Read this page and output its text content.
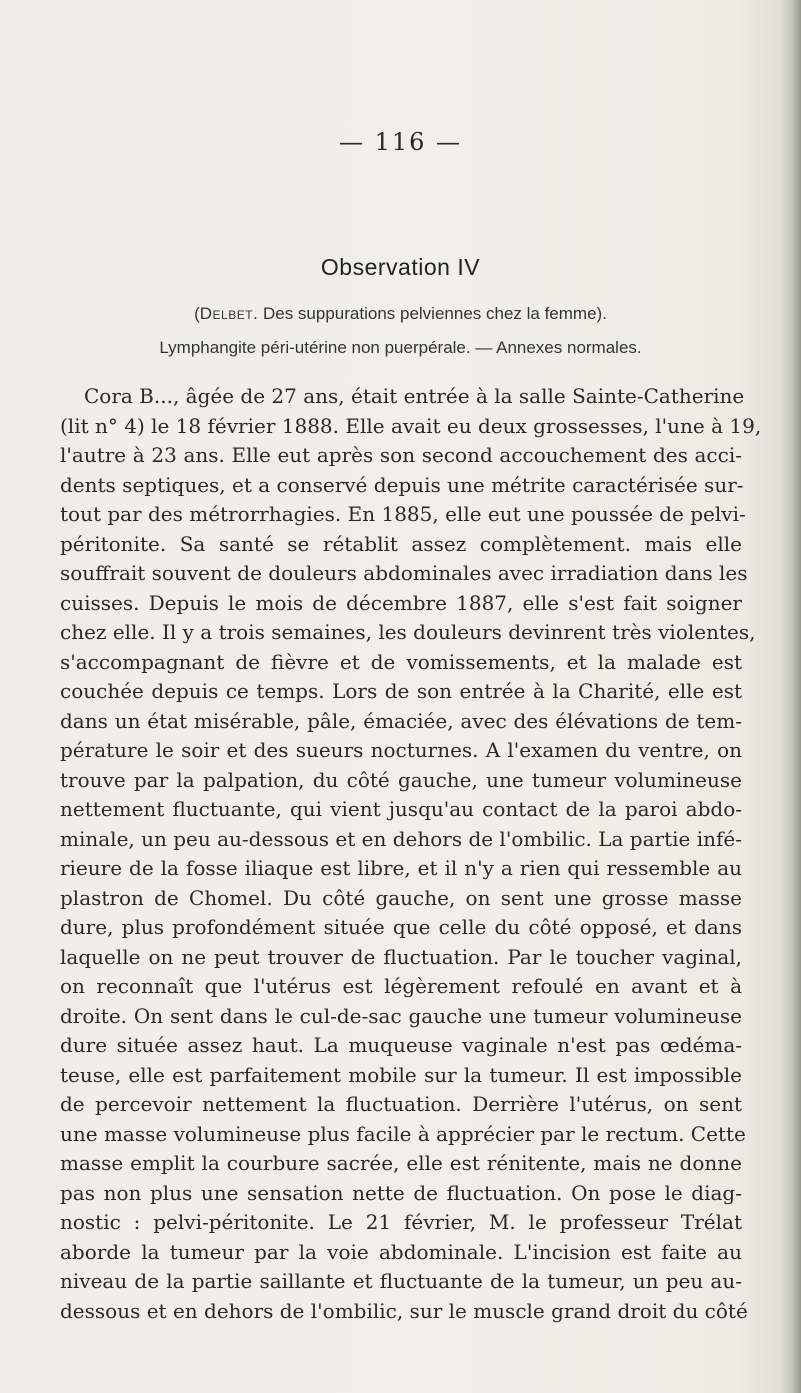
— 116 —
Observation IV
(Delbet. Des suppurations pelviennes chez la femme).
Lymphangite péri-utérine non puerpérale. — Annexes normales.
Cora B..., âgée de 27 ans, était entrée à la salle Sainte-Catherine
(lit n° 4) le 18 février 1888. Elle avait eu deux grossesses, l'une à 19,
l'autre à 23 ans. Elle eut après son second accouchement des acci-
dents septiques, et a conservé depuis une métrite caractérisée sur-
tout par des métrorrhagies. En 1885, elle eut une poussée de pelvi-
péritonite. Sa santé se rétablit assez complètement. mais elle
souffrait souvent de douleurs abdominales avec irradiation dans les
cuisses. Depuis le mois de décembre 1887, elle s'est fait soigner
chez elle. Il y a trois semaines, les douleurs devinrent très violentes,
s'accompagnant de fièvre et de vomissements, et la malade est
couchée depuis ce temps. Lors de son entrée à la Charité, elle est
dans un état misérable, pâle, émaciée, avec des élévations de tem-
pérature le soir et des sueurs nocturnes. A l'examen du ventre, on
trouve par la palpation, du côté gauche, une tumeur volumineuse
nettement fluctuante, qui vient jusqu'au contact de la paroi abdo-
minale, un peu au-dessous et en dehors de l'ombilic. La partie infé-
rieure de la fosse iliaque est libre, et il n'y a rien qui ressemble au
plastron de Chomel. Du côté gauche, on sent une grosse masse
dure, plus profondément située que celle du côté opposé, et dans
laquelle on ne peut trouver de fluctuation. Par le toucher vaginal,
on reconnaît que l'utérus est légèrement refoulé en avant et à
droite. On sent dans le cul-de-sac gauche une tumeur volumineuse
dure située assez haut. La muqueuse vaginale n'est pas œdéma-
teuse, elle est parfaitement mobile sur la tumeur. Il est impossible
de percevoir nettement la fluctuation. Derrière l'utérus, on sent
une masse volumineuse plus facile à apprécier par le rectum. Cette
masse emplit la courbure sacrée, elle est rénitente, mais ne donne
pas non plus une sensation nette de fluctuation. On pose le diag-
nostic : pelvi-péritonite. Le 21 février, M. le professeur Trélat
aborde la tumeur par la voie abdominale. L'incision est faite au
niveau de la partie saillante et fluctuante de la tumeur, un peu au-
dessous et en dehors de l'ombilic, sur le muscle grand droit du côté
